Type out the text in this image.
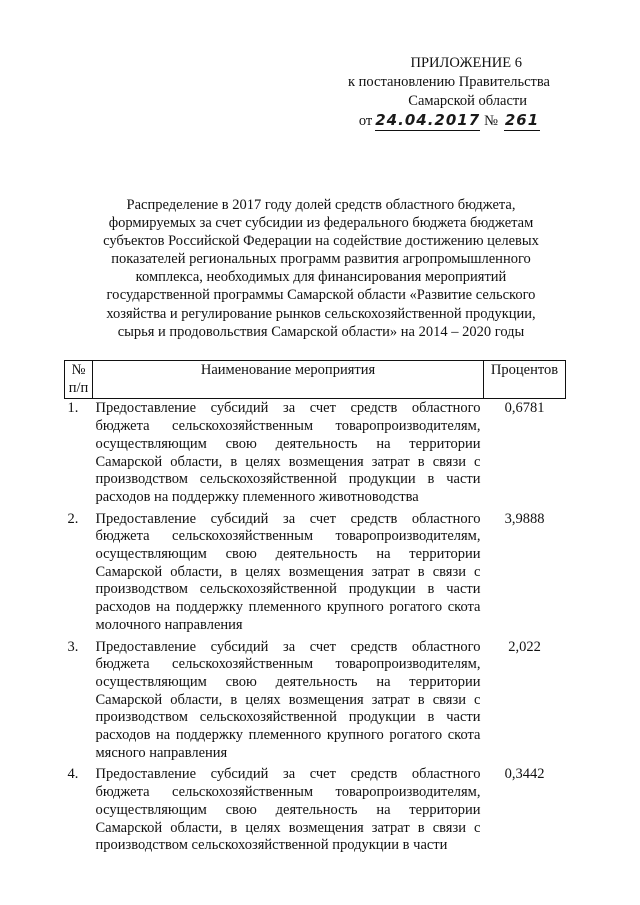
ПРИЛОЖЕНИЕ 6
к постановлению Правительства
Самарской области
от 24.04.2017 № 261
Распределение в 2017 году долей средств областного бюджета, формируемых за счет субсидии из федерального бюджета бюджетам субъектов Российской Федерации на содействие достижению целевых показателей региональных программ развития агропромышленного комплекса, необходимых для финансирования мероприятий государственной программы Самарской области «Развитие сельского хозяйства и регулирование рынков сельскохозяйственной продукции, сырья и продовольствия Самарской области» на 2014 – 2020 годы
№ п/п	Наименование мероприятия	Процентов
1.	Предоставление субсидий за счет средств областного бюджета сельскохозяйственным товаропроизводителям, осуществляющим свою деятельность на территории Самарской области, в целях возмещения затрат в связи с производством сельскохозяйственной продукции в части расходов на поддержку племенного животноводства	0,6781
2.	Предоставление субсидий за счет средств областного бюджета сельскохозяйственным товаропроизводителям, осуществляющим свою деятельность на территории Самарской области, в целях возмещения затрат в связи с производством сельскохозяйственной продукции в части расходов на поддержку племенного крупного рогатого скота молочного направления	3,9888
3.	Предоставление субсидий за счет средств областного бюджета сельскохозяйственным товаропроизводителям, осуществляющим свою деятельность на территории Самарской области, в целях возмещения затрат в связи с производством сельскохозяйственной продукции в части расходов на поддержку племенного крупного рогатого скота мясного направления	2,022
4.	Предоставление субсидий за счет средств областного бюджета сельскохозяйственным товаропроизводителям, осуществляющим свою деятельность на территории Самарской области, в целях возмещения затрат в связи с производством сельскохозяйственной продукции в части	0,3442
